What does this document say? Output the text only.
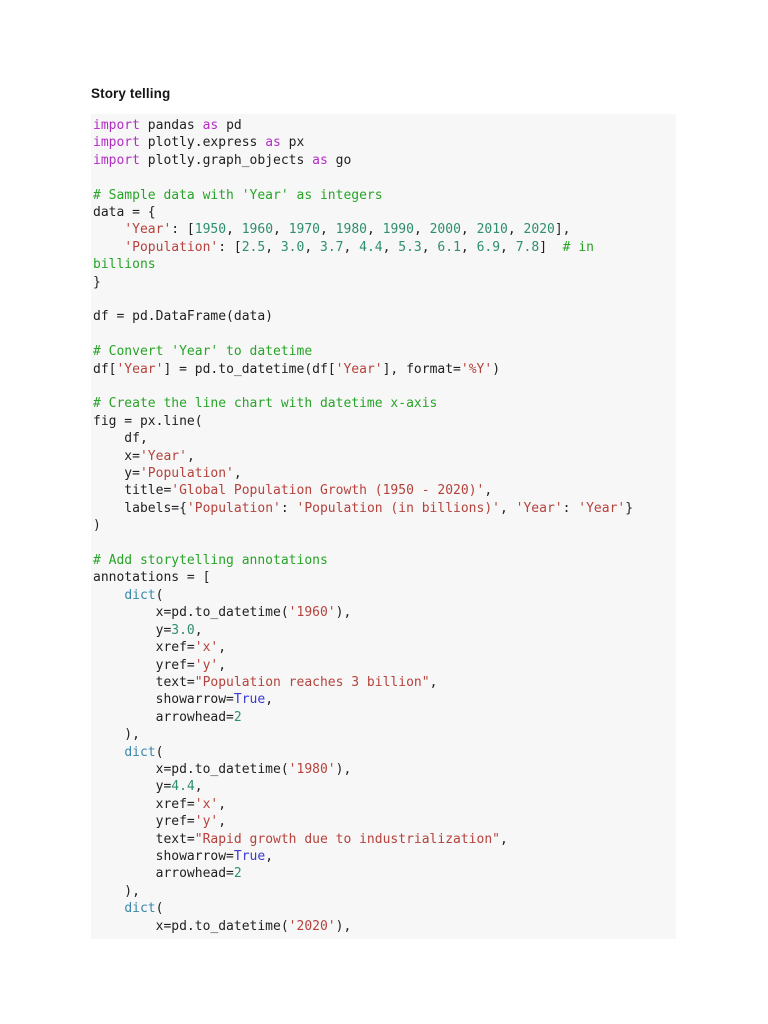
Story telling
import pandas as pd
import plotly.express as px
import plotly.graph_objects as go
# Sample data with 'Year' as integers
data = {
'Year': [1950, 1960, 1970, 1980, 1990, 2000, 2010, 2020],
'Population': [2.5, 3.0, 3.7, 4.4, 5.3, 6.1, 6.9, 7.8]  # in
billions
}
df = pd.DataFrame(data)
# Convert 'Year' to datetime
df['Year'] = pd.to_datetime(df['Year'], format='%Y')
# Create the line chart with datetime x-axis
fig = px.line(
df,
x='Year',
y='Population',
title='Global Population Growth (1950 - 2020)',
labels={'Population': 'Population (in billions)', 'Year': 'Year'}
)
# Add storytelling annotations
annotations = [
dict(
x=pd.to_datetime('1960'),
y=3.0,
xref='x',
yref='y',
text="Population reaches 3 billion",
showarrow=True,
arrowhead=2
),
dict(
x=pd.to_datetime('1980'),
y=4.4,
xref='x',
yref='y',
text="Rapid growth due to industrialization",
showarrow=True,
arrowhead=2
),
dict(
x=pd.to_datetime('2020'),
